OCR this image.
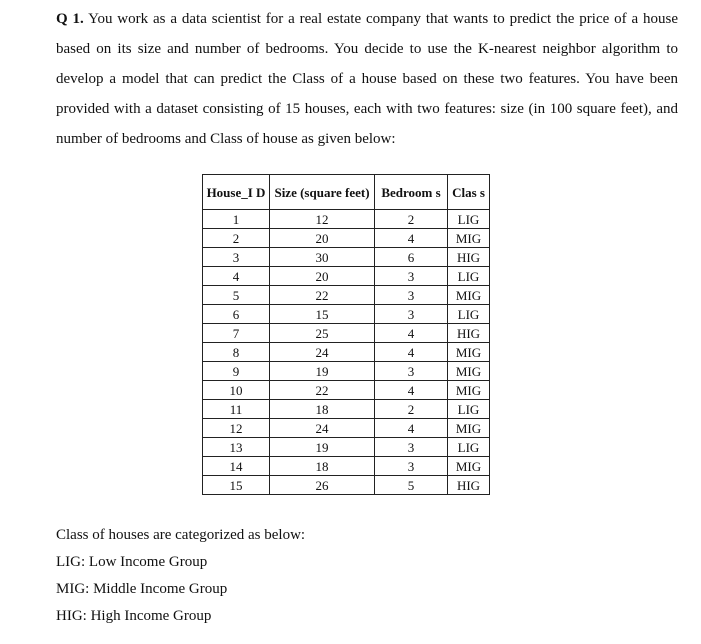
Q 1. You work as a data scientist for a real estate company that wants to predict the price of a house based on its size and number of bedrooms. You decide to use the K-nearest neighbor algorithm to develop a model that can predict the Class of a house based on these two features. You have been provided with a dataset consisting of 15 houses, each with two features: size (in 100 square feet), and number of bedrooms and Class of house as given below:

House_I D	Size (square feet)	Bedroom s	Clas s
1	12	2	LIG
2	20	4	MIG
3	30	6	HIG
4	20	3	LIG
5	22	3	MIG
6	15	3	LIG
7	25	4	HIG
8	24	4	MIG
9	19	3	MIG
10	22	4	MIG
11	18	2	LIG
12	24	4	MIG
13	19	3	LIG
14	18	3	MIG
15	26	5	HIG
Class of houses are categorized as below:
LIG: Low Income Group
MIG: Middle Income Group
HIG: High Income Group
